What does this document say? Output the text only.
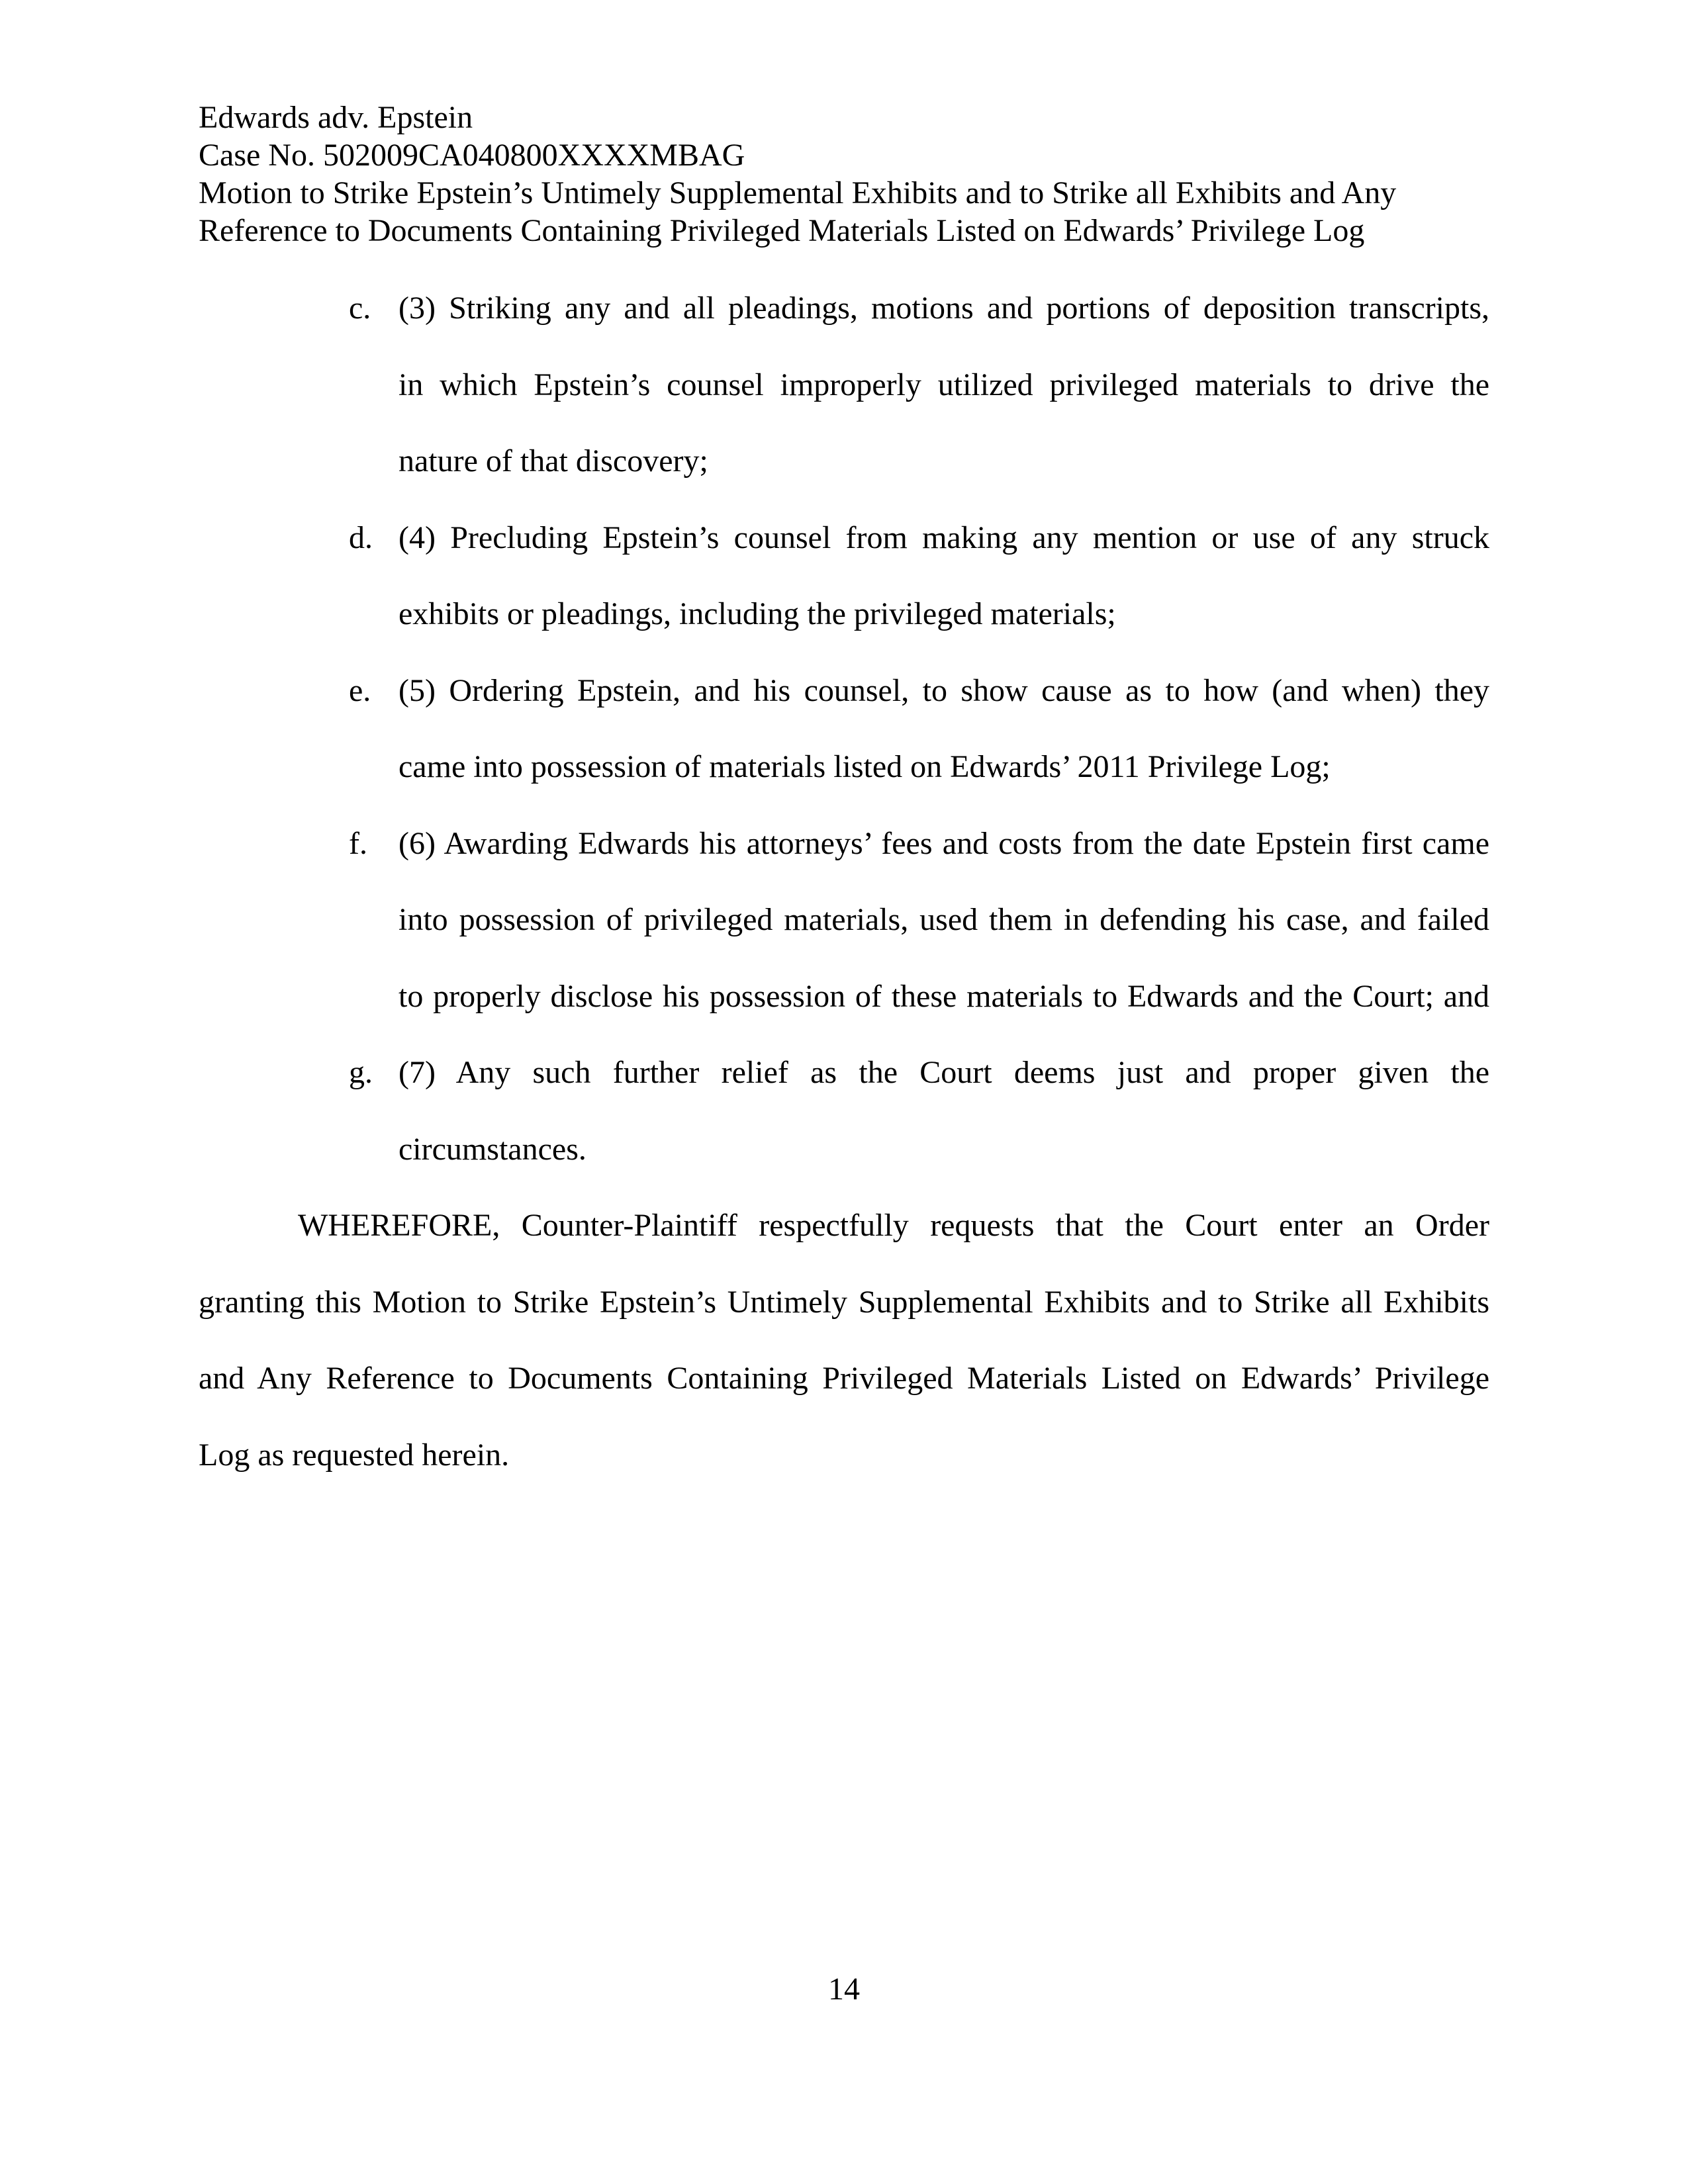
Edwards adv. Epstein
Case No. 502009CA040800XXXXMBAG
Motion to Strike Epstein’s Untimely Supplemental Exhibits and to Strike all Exhibits and Any
Reference to Documents Containing Privileged Materials Listed on Edwards’ Privilege Log
c. (3) Striking any and all pleadings, motions and portions of deposition transcripts,
in which Epstein’s counsel improperly utilized privileged materials to drive the
nature of that discovery;
d. (4) Precluding Epstein’s counsel from making any mention or use of any struck
exhibits or pleadings, including the privileged materials;
e. (5) Ordering Epstein, and his counsel, to show cause as to how (and when) they
came into possession of materials listed on Edwards’ 2011 Privilege Log;
f. (6) Awarding Edwards his attorneys’ fees and costs from the date Epstein first came
into possession of privileged materials, used them in defending his case, and failed
to properly disclose his possession of these materials to Edwards and the Court; and
g. (7) Any such further relief as the Court deems just and proper given the
circumstances.
WHEREFORE, Counter-Plaintiff respectfully requests that the Court enter an Order
granting this Motion to Strike Epstein’s Untimely Supplemental Exhibits and to Strike all Exhibits
and Any Reference to Documents Containing Privileged Materials Listed on Edwards’ Privilege
Log as requested herein.
14
